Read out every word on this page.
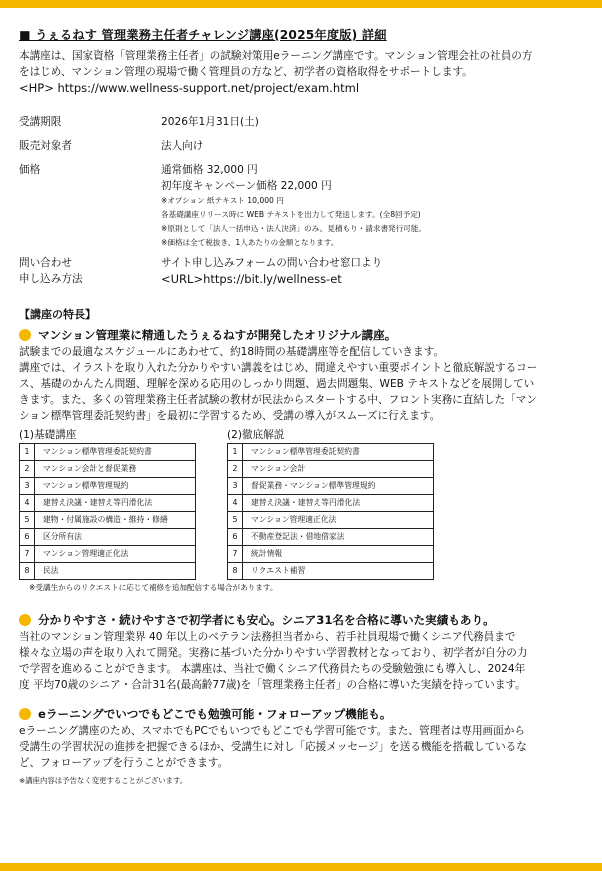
■ うぇるねす 管理業務主任者チャレンジ講座(2025年度版) 詳細

本講座は、国家資格「管理業務主任者」の試験対策用eラーニング講座です。マンション管理会社の社員の方

をはじめ、マンション管理の現場で働く管理員の方など、初学者の資格取得をサポートします。

<HP> https://www.wellness-support.net/project/exam.html

受講期限	2026年1月31日(土)
販売対象者	法人向け
価格	通常価格 32,000 円
初年度キャンペーン価格 22,000 円
※オプション 紙テキスト 10,000 円
各基礎講座リリース時に WEB テキストを出力して発送します。(全8回予定)
※原則として「法人一括申込・法人決済」のみ。見積もり・請求書発行可能。
※価格は全て税抜き、1人あたりの金額となります。
問い合わせ
申し込み方法
サイト申し込みフォームの問い合わせ窓口より
<URL>https://bit.ly/wellness-et
【講座の特長】
マンション管理業に精通したうぇるねすが開発したオリジナル講座。

試験までの最適なスケジュールにあわせて、約18時間の基礎講座等を配信していきます。

講座では、イラストを取り入れた分かりやすい講義をはじめ、間違えやすい重要ポイントと徹底解説するコー

ス、基礎のかんたん問題、理解を深める応用のしっかり問題、過去問題集、WEB テキストなどを展開してい

きます。また、多くの管理業務主任者試験の教材が民法からスタートする中、フロント実務に直結した「マン

ション標準管理委託契約書」を最初に学習するため、受講の導入がスムーズに行えます。

(1)基礎講座
1	マンション標準管理委託契約書
2	マンション会計と督促業務
3	マンション標準管理規約
4	建替え決議・建替え等円滑化法
5	建物・付属施設の構造・維持・修繕
6	区分所有法
7	マンション管理適正化法
8	民法
(2)徹底解説
1	マンション標準管理委託契約書
2	マンション会計
3	督促業務・マンション標準管理規約
4	建替え決議・建替え等円滑化法
5	マンション管理適正化法
6	不動産登記法・借地借家法
7	統計情報
8	リクエスト補習
※受講生からのリクエストに応じて補修を追加配信する場合があります。
分かりやすさ・続けやすさで初学者にも安心。シニア31名を合格に導いた実績もあり。

当社のマンション管理業界 40 年以上のベテラン法務担当者から、若手社員現場で働くシニア代務員まで

様々な立場の声を取り入れて開発。実務に基づいた分かりやすい学習教材となっており、初学者が自分の力

で学習を進めることができます。 本講座は、当社で働くシニア代務員たちの受験勉強にも導入し、2024年

度 平均70歳のシニア・合計31名(最高齢77歳)を「管理業務主任者」の合格に導いた実績を持っています。

eラーニングでいつでもどこでも勉強可能・フォローアップ機能も。

eラーニング講座のため、スマホでもPCでもいつでもどこでも学習可能です。また、管理者は専用画面から

受講生の学習状況の進捗を把握できるほか、受講生に対し「応援メッセージ」を送る機能を搭載しているな

ど、フォローアップを行うことができます。

※講座内容は予告なく変更することがございます。
